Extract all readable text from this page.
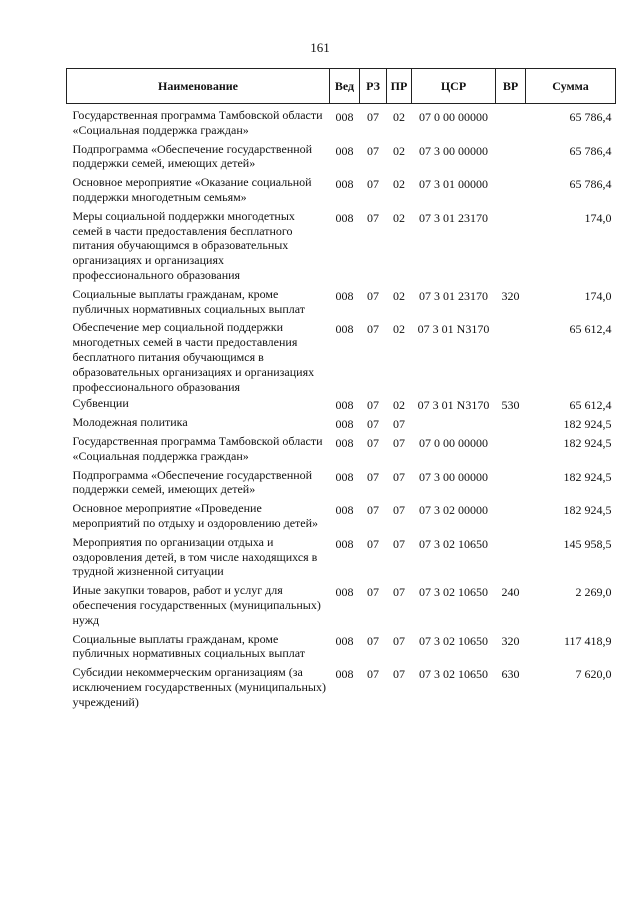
161
Наименование	Вед	РЗ	ПР	ЦСР	ВР	Сумма
Государственная программа Тамбовской области «Социальная поддержка граждан»	008	07	02	07 0 00 00000		65 786,4
Подпрограмма «Обеспечение государственной поддержки семей, имеющих детей»	008	07	02	07 3 00 00000		65 786,4
Основное мероприятие «Оказание социальной поддержки многодетным семьям»	008	07	02	07 3 01 00000		65 786,4
Меры социальной поддержки многодетных семей в части предоставления бесплатного питания обучающимся в образовательных организациях и организациях профессионального образования	008	07	02	07 3 01 23170		174,0
Социальные выплаты гражданам, кроме публичных нормативных социальных выплат	008	07	02	07 3 01 23170	320	174,0
Обеспечение мер социальной поддержки многодетных семей в части предоставления бесплатного питания обучающимся в образовательных организациях и организациях профессионального образования	008	07	02	07 3 01 N3170		65 612,4
Субвенции	008	07	02	07 3 01 N3170	530	65 612,4
Молодежная политика	008	07	07			182 924,5
Государственная программа Тамбовской области «Социальная поддержка граждан»	008	07	07	07 0 00 00000		182 924,5
Подпрограмма «Обеспечение государственной поддержки семей, имеющих детей»	008	07	07	07 3 00 00000		182 924,5
Основное мероприятие «Проведение мероприятий по отдыху и оздоровлению детей»	008	07	07	07 3 02 00000		182 924,5
Мероприятия по организации отдыха и оздоровления детей, в том числе находящихся в трудной жизненной ситуации	008	07	07	07 3 02 10650		145 958,5
Иные закупки товаров, работ и услуг для обеспечения государственных (муниципальных) нужд	008	07	07	07 3 02 10650	240	2 269,0
Социальные выплаты гражданам, кроме публичных нормативных социальных выплат	008	07	07	07 3 02 10650	320	117 418,9
Субсидии некоммерческим организациям (за исключением государственных (муниципальных) учреждений)	008	07	07	07 3 02 10650	630	7 620,0
